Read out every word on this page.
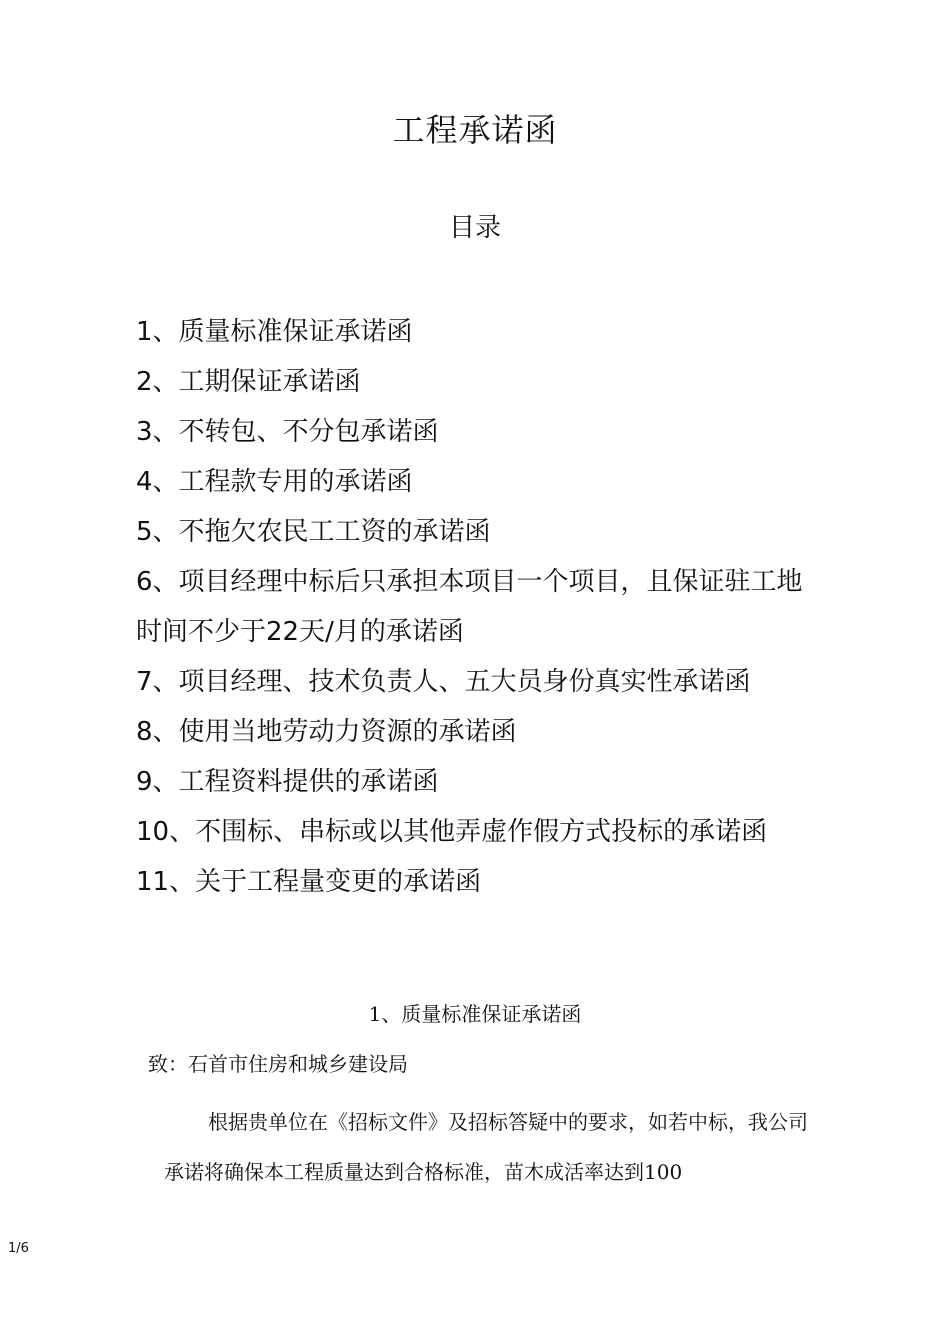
工程承诺函
目录
1、质量标准保证承诺函
2、工期保证承诺函
3、不转包、不分包承诺函
4、工程款专用的承诺函
5、不拖欠农民工工资的承诺函
6、项目经理中标后只承担本项目一个项目，且保证驻工地时间不少于22天/月的承诺函
7、项目经理、技术负责人、五大员身份真实性承诺函
8、使用当地劳动力资源的承诺函
9、工程资料提供的承诺函
10、不围标、串标或以其他弄虚作假方式投标的承诺函
11、关于工程量变更的承诺函
1、质量标准保证承诺函
致：石首市住房和城乡建设局

根据贵单位在《招标文件》及招标答疑中的要求，如若中标，我公司承诺将确保本工程质量达到合格标准，苗木成活率达到100

1/6
